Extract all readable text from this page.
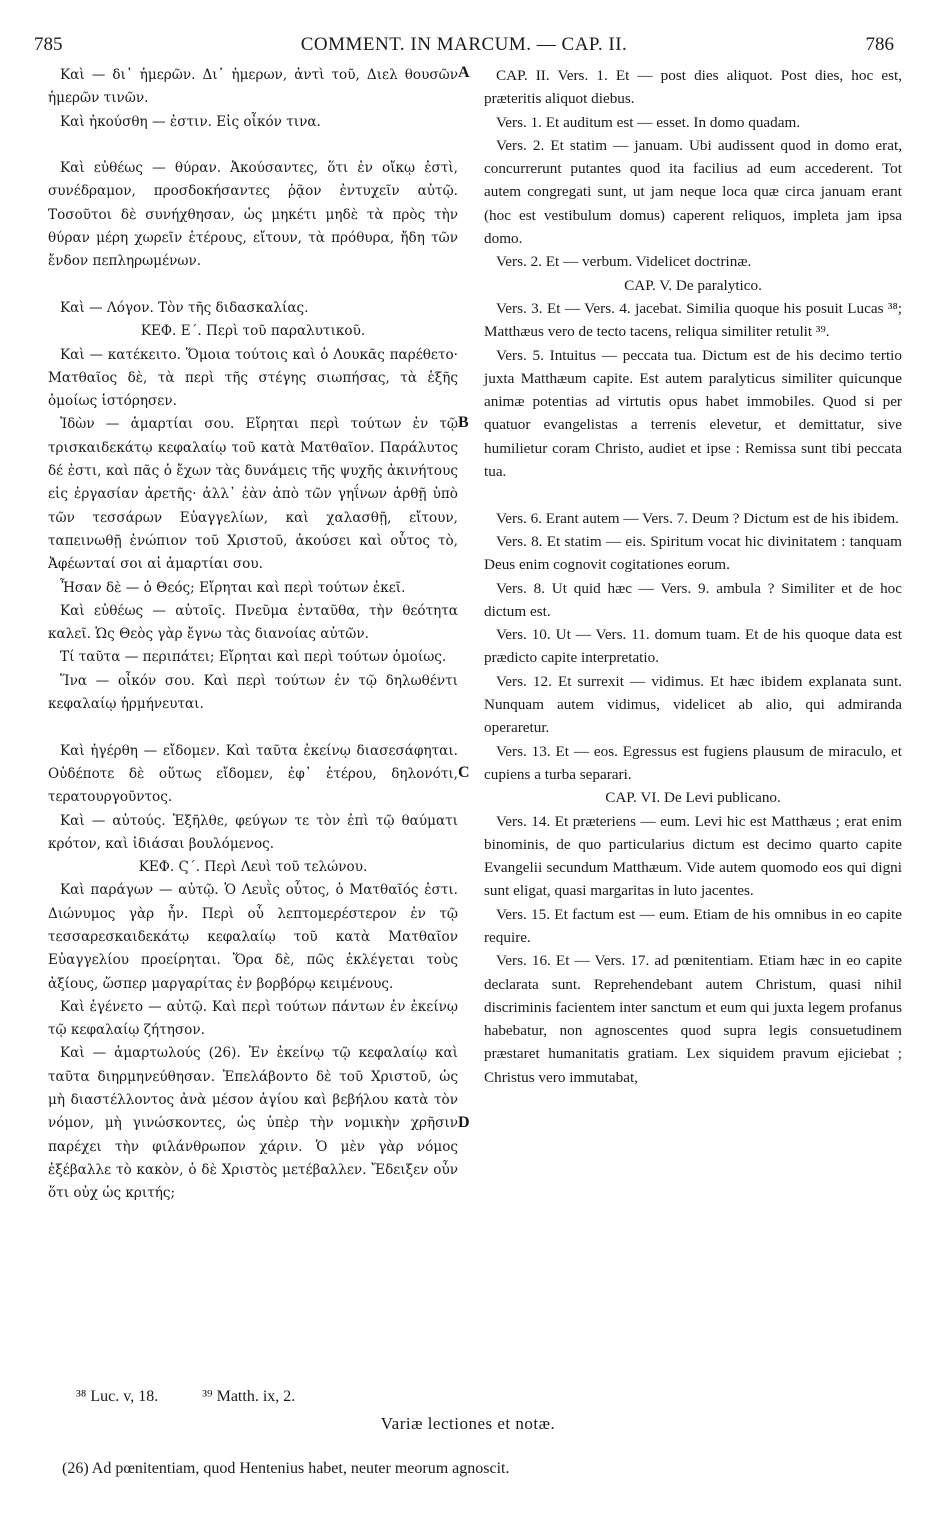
785	COMMENT. IN MARCUM. — CAP. II.	786

Καὶ — δι᾽ ἡμερῶν. Δι᾽ ἡμερων, ἀντὶ τοῦ, Διελ θουσῶν ἡμερῶν τινῶν.

Καὶ ἠκούσθη — ἐστιν. Εἰς οἶκόν τινα.

Καὶ εὐθέως — θύραν. Ἀκούσαντες, ὅτι ἐν οἴκῳ ἐστὶ, συνέδραμον, προσδοκήσαντες ῥᾷον ἐντυχεῖν αὐτῷ. Τοσοῦτοι δὲ συνήχθησαν, ὡς μηκέτι μηδὲ τὰ πρὸς τὴν θύραν μέρη χωρεῖν ἑτέρους, εἴτουν, τὰ πρόθυρα, ἤδη τῶν ἔνδον πεπληρωμένων.

Καὶ — Λόγον. Τὸν τῆς διδασκαλίας.

ΚΕΦ. Ε΄. Περὶ τοῦ παραλυτικοῦ.

Καὶ — κατέκειτο. Ὅμοια τούτοις καὶ ὁ Λουκᾶς παρέθετο· Ματθαῖος δὲ, τὰ περὶ τῆς στέγης σιωπήσας, τὰ ἑξῆς ὁμοίως ἱστόρησεν.

Ἰδὼν — ἁμαρτίαι σου. Εἴρηται περὶ τούτων ἐν τῷ τρισκαιδεκάτῳ κεφαλαίῳ τοῦ κατὰ Ματθαῖον. Παράλυτος δέ ἐστι, καὶ πᾶς ὁ ἔχων τὰς δυνάμεις τῆς ψυχῆς ἀκινήτους εἰς ἐργασίαν ἀρετῆς· ἀλλ᾽ ἐὰν ἀπὸ τῶν γηΐνων ἀρθῇ ὑπὸ τῶν τεσσάρων Εὐαγγελίων, καὶ χαλασθῇ, εἴτουν, ταπεινωθῇ ἐνώπιον τοῦ Χριστοῦ, ἀκούσει καὶ οὗτος τὸ, Ἀφέωνταί σοι αἱ ἁμαρτίαι σου.

Ἦσαν δὲ — ὁ Θεός; Εἴρηται καὶ περὶ τούτων ἐκεῖ.

Καὶ εὐθέως — αὐτοῖς. Πνεῦμα ἐνταῦθα, τὴν θεότητα καλεῖ. Ὡς Θεὸς γὰρ ἔγνω τὰς διανοίας αὐτῶν.

Τί ταῦτα — περιπάτει; Εἴρηται καὶ περὶ τούτων ὁμοίως.

Ἵνα — οἶκόν σου. Καὶ περὶ τούτων ἐν τῷ δηλωθέντι κεφαλαίῳ ἡρμήνευται.

Καὶ ἠγέρθη — εἴδομεν. Καὶ ταῦτα ἐκείνῳ διασεσάφηται. Οὐδέποτε δὲ οὕτως εἴδομεν, ἐφ᾽ ἑτέρου, δηλονότι, τερατουργοῦντος.

Καὶ — αὐτούς. Ἐξῆλθε, φεύγων τε τὸν ἐπὶ τῷ θαύματι κρότον, καὶ ἰδιάσαι βουλόμενος.

ΚΕΦ. Ϛ΄. Περὶ Λευὶ τοῦ τελώνου.

Καὶ παράγων — αὐτῷ. Ὁ Λευῒς οὗτος, ὁ Ματθαῖός ἐστι. Διώνυμος γὰρ ἦν. Περὶ οὗ λεπτομερέστερον ἐν τῷ τεσσαρεσκαιδεκάτῳ κεφαλαίῳ τοῦ κατὰ Ματθαῖον Εὐαγγελίου προείρηται. Ὅρα δὲ, πῶς ἐκλέγεται τοὺς ἀξίους, ὥσπερ μαργαρίτας ἐν βορβόρῳ κειμένους.

Καὶ ἐγένετο — αὐτῷ. Καὶ περὶ τούτων πάντων ἐν ἐκείνῳ τῷ κεφαλαίῳ ζήτησον.

Καὶ — ἁμαρτωλούς (26). Ἐν ἐκείνῳ τῷ κεφαλαίῳ καὶ ταῦτα διηρμηνεύθησαν. Ἐπελάβοντο δὲ τοῦ Χριστοῦ, ὡς μὴ διαστέλλοντος ἀνὰ μέσον ἁγίου καὶ βεβήλου κατὰ τὸν νόμον, μὴ γινώσκοντες, ὡς ὑπὲρ τὴν νομικὴν χρῆσιν παρέχει τὴν φιλάνθρωπον χάριν. Ὁ μὲν γὰρ νόμος ἐξέβαλλε τὸ κακὸν, ὁ δὲ Χριστὸς μετέβαλλεν. Ἔδειξεν οὖν ὅτι οὐχ ὡς κριτής;

A
B
C
D

CAP. II. Vers. 1. Et — post dies aliquot. Post dies, hoc est, præteritis aliquot diebus.

Vers. 1. Et auditum est — esset. In domo quadam.

Vers. 2. Et statim — januam. Ubi audissent quod in domo erat, concurrerunt putantes quod ita facilius ad eum accederent. Tot autem congregati sunt, ut jam neque loca quæ circa januam erant (hoc est vestibulum domus) caperent reliquos, impleta jam ipsa domo.

Vers. 2. Et — verbum. Videlicet doctrinæ.

CAP. V. De paralytico.

Vers. 3. Et — Vers. 4. jacebat. Similia quoque his posuit Lucas ³⁸; Matthæus vero de tecto tacens, reliqua similiter retulit ³⁹.

Vers. 5. Intuitus — peccata tua. Dictum est de his decimo tertio juxta Matthæum capite. Est autem paralyticus similiter quicunque animæ potentias ad virtutis opus habet immobiles. Quod si per quatuor evangelistas a terrenis elevetur, et demittatur, sive humilietur coram Christo, audiet et ipse : Remissa sunt tibi peccata tua.

Vers. 6. Erant autem — Vers. 7. Deum ? Dictum est de his ibidem.

Vers. 8. Et statim — eis. Spiritum vocat hic divinitatem : tanquam Deus enim cognovit cogitationes eorum.

Vers. 8. Ut quid hæc — Vers. 9. ambula ? Similiter et de hoc dictum est.

Vers. 10. Ut — Vers. 11. domum tuam. Et de his quoque data est prædicto capite interpretatio.

Vers. 12. Et surrexit — vidimus. Et hæc ibidem explanata sunt. Nunquam autem vidimus, videlicet ab alio, qui admiranda operaretur.

Vers. 13. Et — eos. Egressus est fugiens plausum de miraculo, et cupiens a turba separari.

CAP. VI. De Levi publicano.

Vers. 14. Et præteriens — eum. Levi hic est Matthæus ; erat enim binominis, de quo particularius dictum est decimo quarto capite Evangelii secundum Matthæum. Vide autem quomodo eos qui digni sunt eligat, quasi margaritas in luto jacentes.

Vers. 15. Et factum est — eum. Etiam de his omnibus in eo capite require.

Vers. 16. Et — Vers. 17. ad pœnitentiam. Etiam hæc in eo capite declarata sunt. Reprehendebant autem Christum, quasi nihil discriminis facientem inter sanctum et eum qui juxta legem profanus habebatur, non agnoscentes quod supra legis consuetudinem præstaret humanitatis gratiam. Lex siquidem pravum ejiciebat ; Christus vero immutabat,

³⁸ Luc. v, 18.	³⁹ Matth. ix, 2.
Variæ lectiones et notæ.
(26) Ad pœnitentiam, quod Hentenius habet, neuter meorum agnoscit.
